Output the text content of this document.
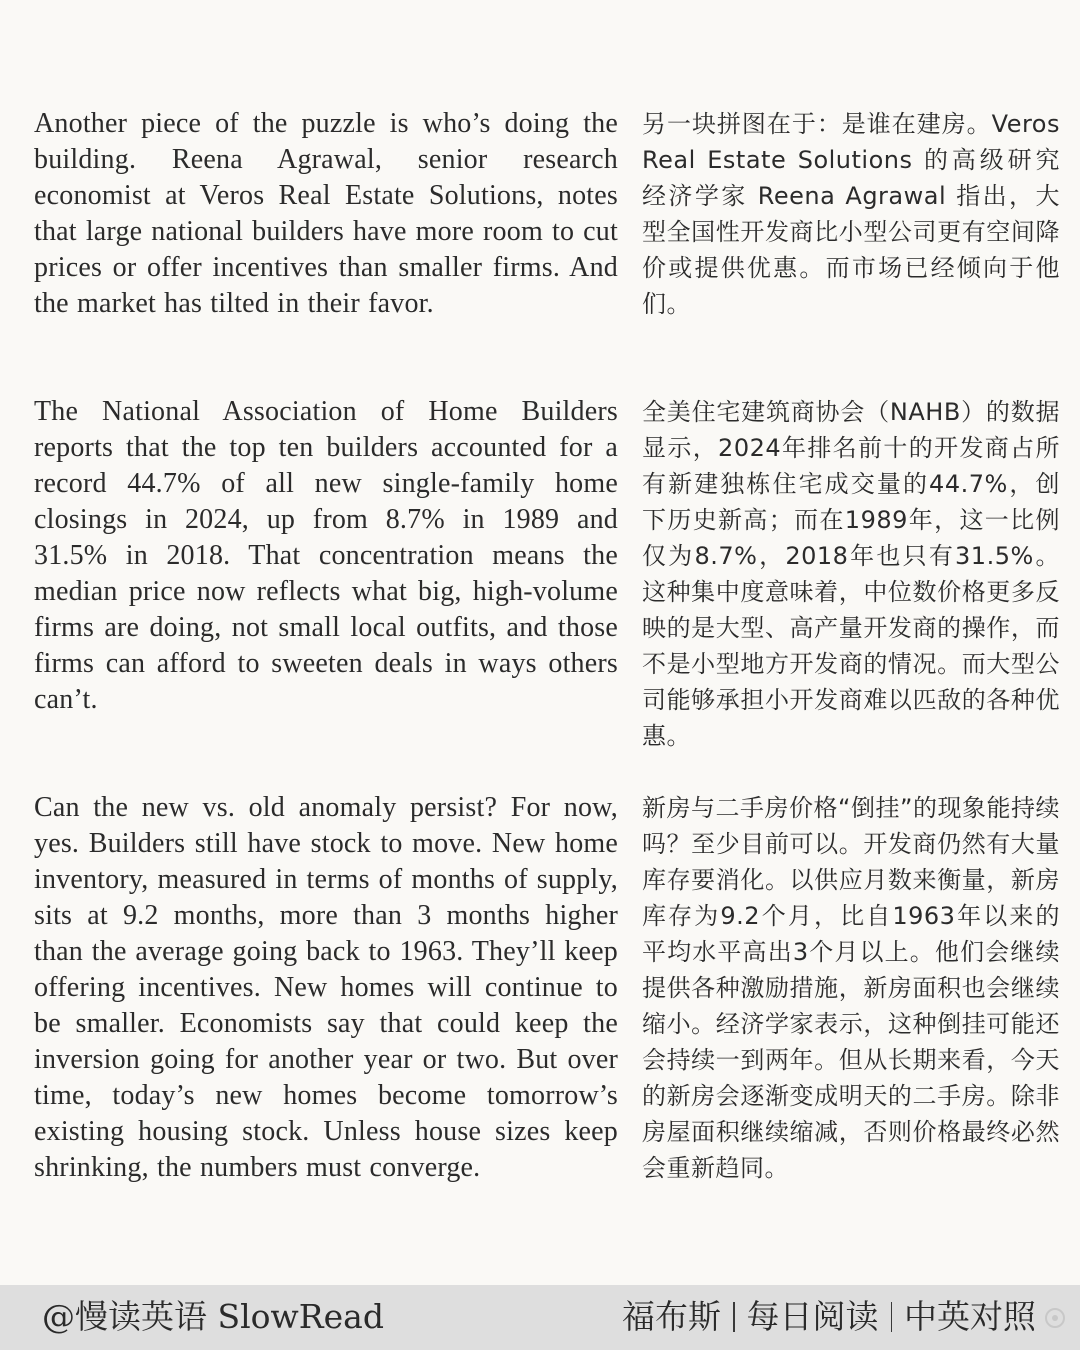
Another piece of the puzzle is who’s doing the building. Reena Agrawal, senior research economist at Veros Real Estate Solutions, notes that large national builders have more room to cut prices or offer incentives than smaller firms. And the market has tilted in their favor.

另一块拼图在于：是谁在建房。Veros Real Estate Solutions 的高级研究经济学家 Reena Agrawal 指出，大型全国性开发商比小型公司更有空间降价或提供优惠。而市场已经倾向于他们。

The National Association of Home Builders reports that the top ten builders accounted for a record 44.7% of all new single-family home closings in 2024, up from 8.7% in 1989 and 31.5% in 2018. That concentration means the median price now reflects what big, high-volume firms are doing, not small local outfits, and those firms can afford to sweeten deals in ways others can’t.

全美住宅建筑商协会（NAHB）的数据显示，2024年排名前十的开发商占所有新建独栋住宅成交量的44.7%，创下历史新高；而在1989年，这一比例仅为8.7%，2018年也只有31.5%。这种集中度意味着，中位数价格更多反映的是大型、高产量开发商的操作，而不是小型地方开发商的情况。而大型公司能够承担小开发商难以匹敌的各种优惠。

Can the new vs. old anomaly persist? For now, yes. Builders still have stock to move. New home inventory, measured in terms of months of supply, sits at 9.2 months, more than 3 months higher than the average going back to 1963. They’ll keep offering incentives. New homes will continue to be smaller. Economists say that could keep the inversion going for another year or two. But over time, today’s new homes become tomorrow’s existing housing stock. Unless house sizes keep shrinking, the numbers must converge.

新房与二手房价格“倒挂”的现象能持续吗？至少目前可以。开发商仍然有大量库存要消化。以供应月数来衡量，新房库存为9.2个月，比自1963年以来的平均水平高出3个月以上。他们会继续提供各种激励措施，新房面积也会继续缩小。经济学家表示，这种倒挂可能还会持续一到两年。但从长期来看，今天的新房会逐渐变成明天的二手房。除非房屋面积继续缩减，否则价格最终必然会重新趋同。

@慢读英语 SlowRead	福布斯 每日阅读 中英对照
